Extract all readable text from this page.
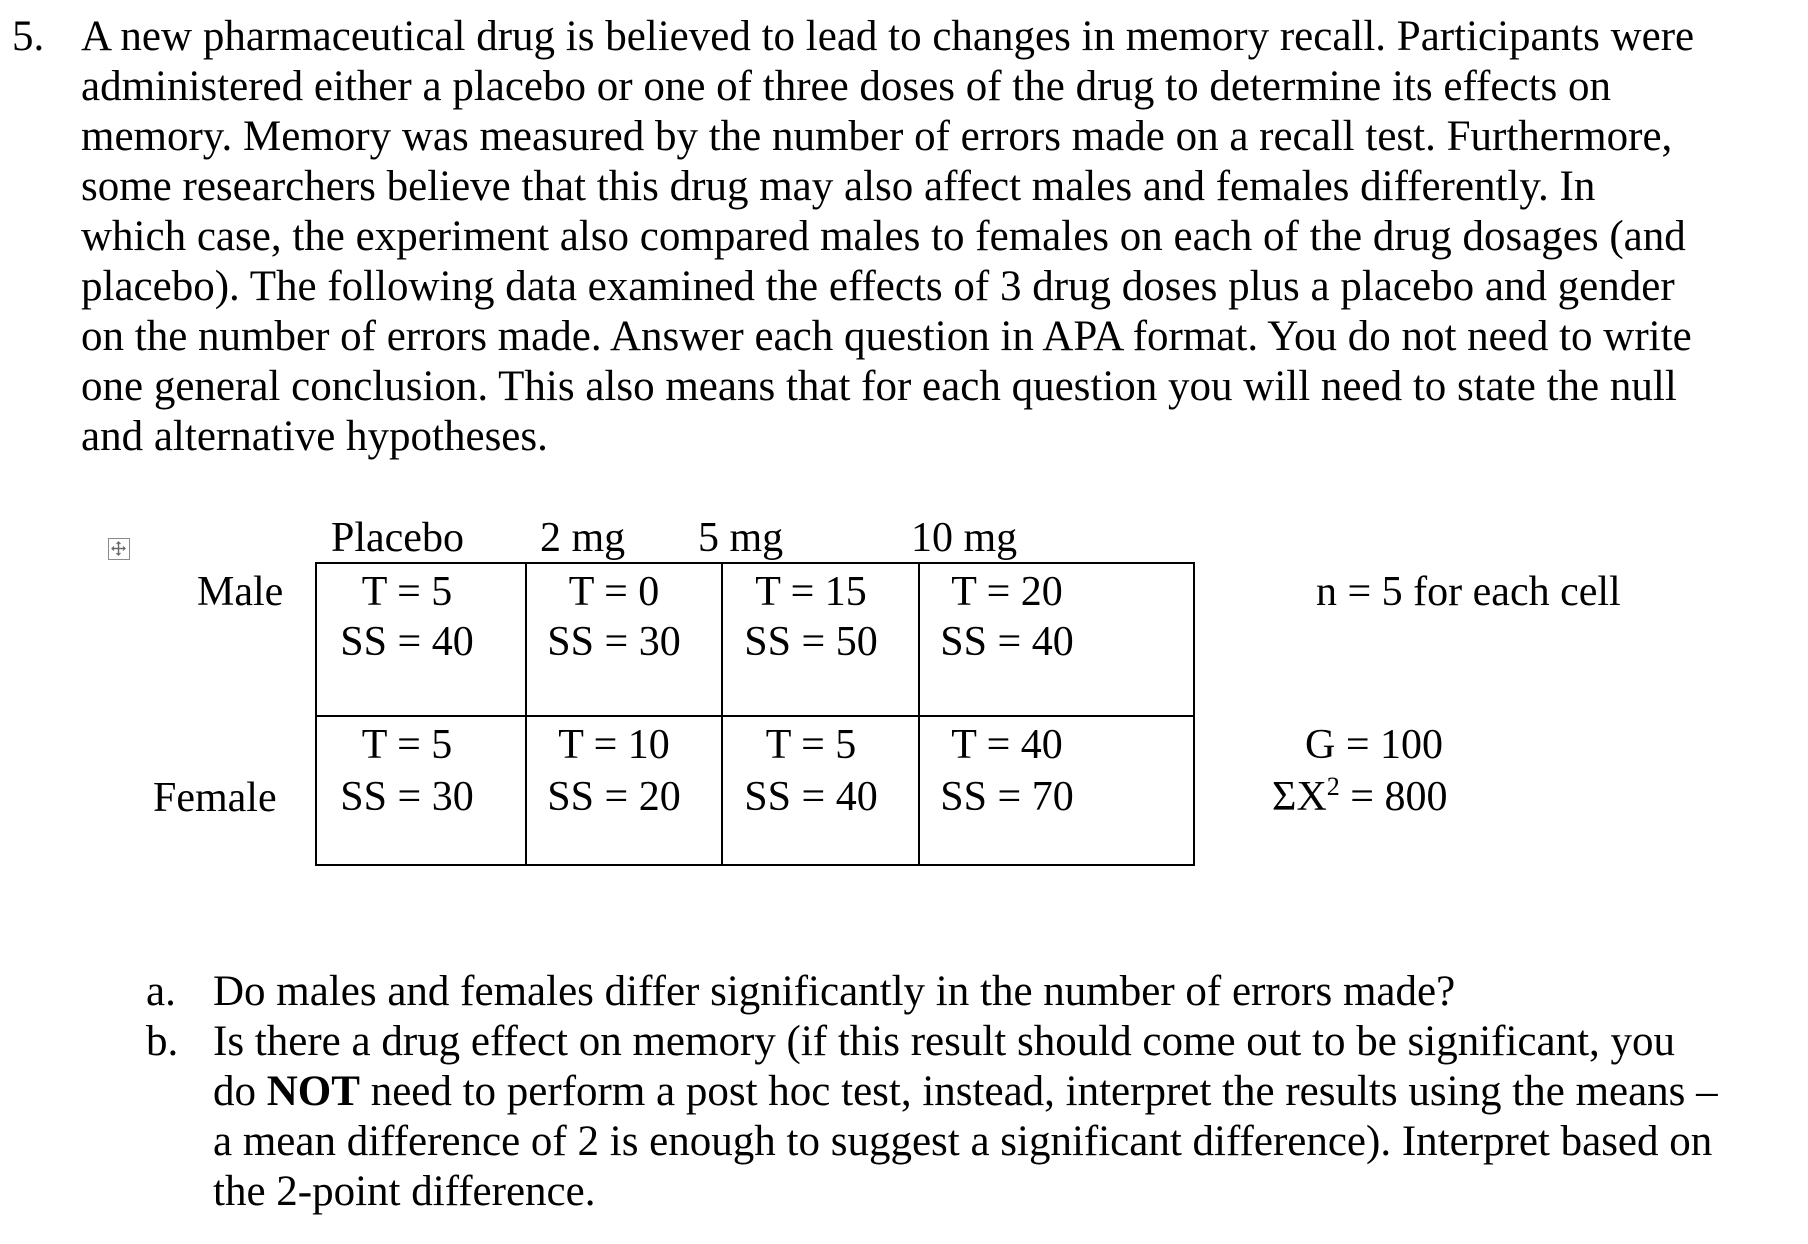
5. A new pharmaceutical drug is believed to lead to changes in memory recall. Participants were administered either a placebo or one of three doses of the drug to determine its effects on memory. Memory was measured by the number of errors made on a recall test. Furthermore, some researchers believe that this drug may also affect males and females differently. In which case, the experiment also compared males to females on each of the drug dosages (and placebo). The following data examined the effects of 3 drug doses plus a placebo and gender on the number of errors made. Answer each question in APA format. You do not need to write one general conclusion. This also means that for each question you will need to state the null and alternative hypotheses.
Placebo 2 mg 5 mg	10 mg
Male
Female
T = 5
SS = 40
T = 0
SS = 30
T = 15
SS = 50
T = 20
SS = 40
T = 5
SS = 30
T = 10
SS = 20
T = 5
SS = 40
T = 40
SS = 70
n = 5 for each cell
G = 100
$\Sigma X^2 = 800$
a. Do males and females differ significantly in the number of errors made?
b. Is there a drug effect on memory (if this result should come out to be significant, you do NOT need to perform a post hoc test, instead, interpret the results using the means – a mean difference of 2 is enough to suggest a significant difference). Interpret based on the 2-point difference.
